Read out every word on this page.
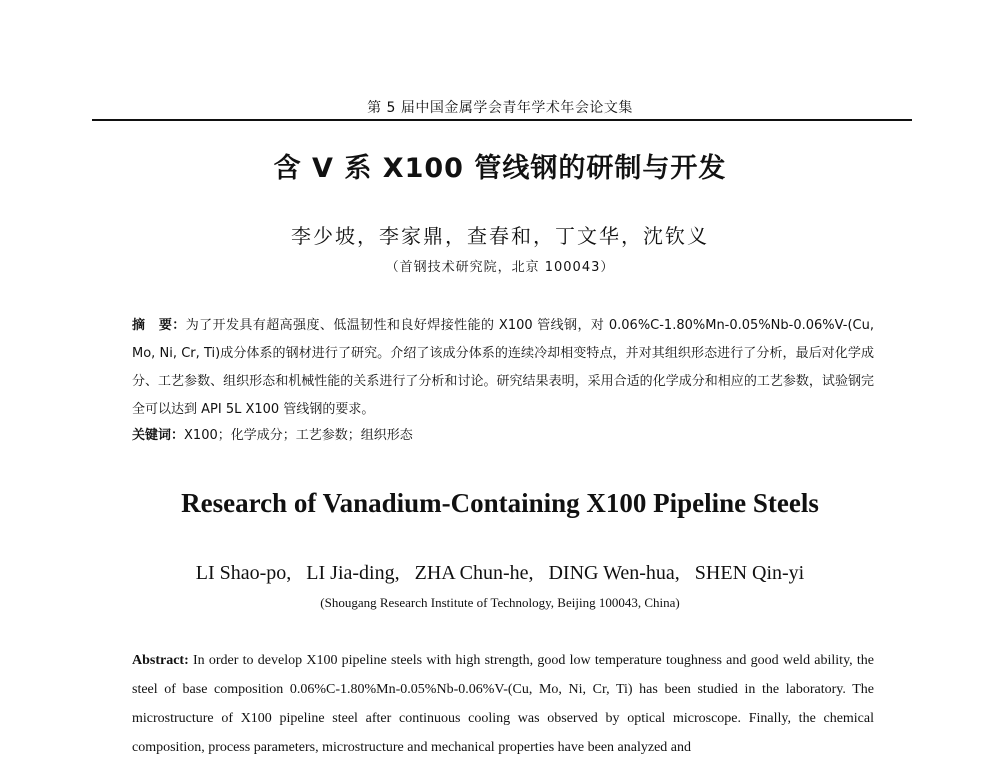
第 5 届中国金属学会青年学术年会论文集
含 V 系 X100 管线钢的研制与开发
李少坡，李家鼎，查春和，丁文华，沈钦义
（首钢技术研究院，北京 100043）
摘　要：为了开发具有超高强度、低温韧性和良好焊接性能的 X100 管线钢，对 0.06%C-1.80%Mn-0.05%Nb-0.06%V-(Cu, Mo, Ni, Cr, Ti)成分体系的钢材进行了研究。介绍了该成分体系的连续冷却相变特点，并对其组织形态进行了分析，最后对化学成分、工艺参数、组织形态和机械性能的关系进行了分析和讨论。研究结果表明，采用合适的化学成分和相应的工艺参数，试验钢完全可以达到 API 5L X100 管线钢的要求。
关键词：X100；化学成分；工艺参数；组织形态
Research of Vanadium-Containing X100 Pipeline Steels
LI Shao-po,   LI Jia-ding,   ZHA Chun-he,   DING Wen-hua,   SHEN Qin-yi
(Shougang Research Institute of Technology, Beijing 100043, China)
Abstract: In order to develop X100 pipeline steels with high strength, good low temperature toughness and good weld ability, the steel of base composition 0.06%C-1.80%Mn-0.05%Nb-0.06%V-(Cu, Mo, Ni, Cr, Ti) has been studied in the laboratory. The microstructure of X100 pipeline steel after continuous cooling was observed by optical microscope. Finally, the chemical composition, process parameters, microstructure and mechanical properties have been analyzed and
